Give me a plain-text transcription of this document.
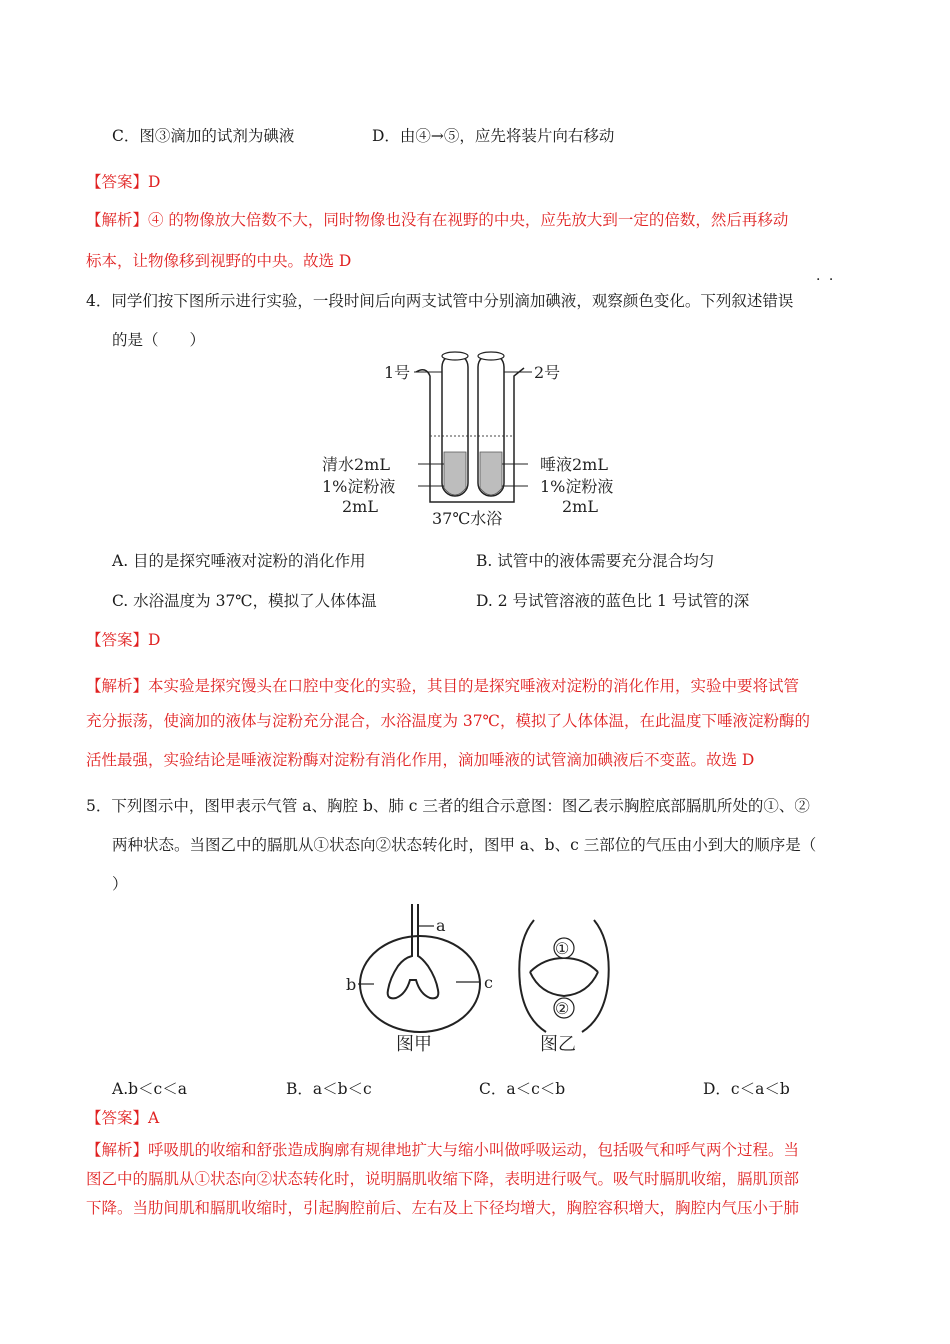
C．图③滴加的试剂为碘液	D．由④→⑤，应先将装片向右移动
【答案】D
【解析】④ 的物像放大倍数不大，同时物像也没有在视野的中央，应先放大到一定的倍数，然后再移动
标本，让物像移到视野的中央。故选 D
· ·
4．同学们按下图所示进行实验，一段时间后向两支试管中分别滴加碘液，观察颜色变化。下列叙述错误
的是（　　）
1号	2号
清水2mL
1%淀粉液
2mL
唾液2mL
1%淀粉液
2mL
37℃水浴
A. 目的是探究唾液对淀粉的消化作用	B. 试管中的液体需要充分混合均匀
C. 水浴温度为 37℃，模拟了人体体温	D. 2 号试管溶液的蓝色比 1 号试管的深
【答案】D
【解析】本实验是探究馒头在口腔中变化的实验，其目的是探究唾液对淀粉的消化作用，实验中要将试管
充分振荡，使滴加的液体与淀粉充分混合，水浴温度为 37℃，模拟了人体体温，在此温度下唾液淀粉酶的
活性最强，实验结论是唾液淀粉酶对淀粉有消化作用，滴加唾液的试管滴加碘液后不变蓝。故选 D
5．下列图示中，图甲表示气管 a、胸腔 b、肺 c 三者的组合示意图：图乙表示胸腔底部膈肌所处的①、②
两种状态。当图乙中的膈肌从①状态向②状态转化时，图甲 a、b、c 三部位的气压由小到大的顺序是（
）
a
b	c
图甲
①
②
图乙
A.b＜c＜a	B．a＜b＜c	C．a＜c＜b	D．c＜a＜b
【答案】A
【解析】呼吸肌的收缩和舒张造成胸廓有规律地扩大与缩小叫做呼吸运动，包括吸气和呼气两个过程。当
图乙中的膈肌从①状态向②状态转化时，说明膈肌收缩下降，表明进行吸气。吸气时膈肌收缩，膈肌顶部
下降。当肋间肌和膈肌收缩时，引起胸腔前后、左右及上下径均增大，胸腔容积增大，胸腔内气压小于肺
